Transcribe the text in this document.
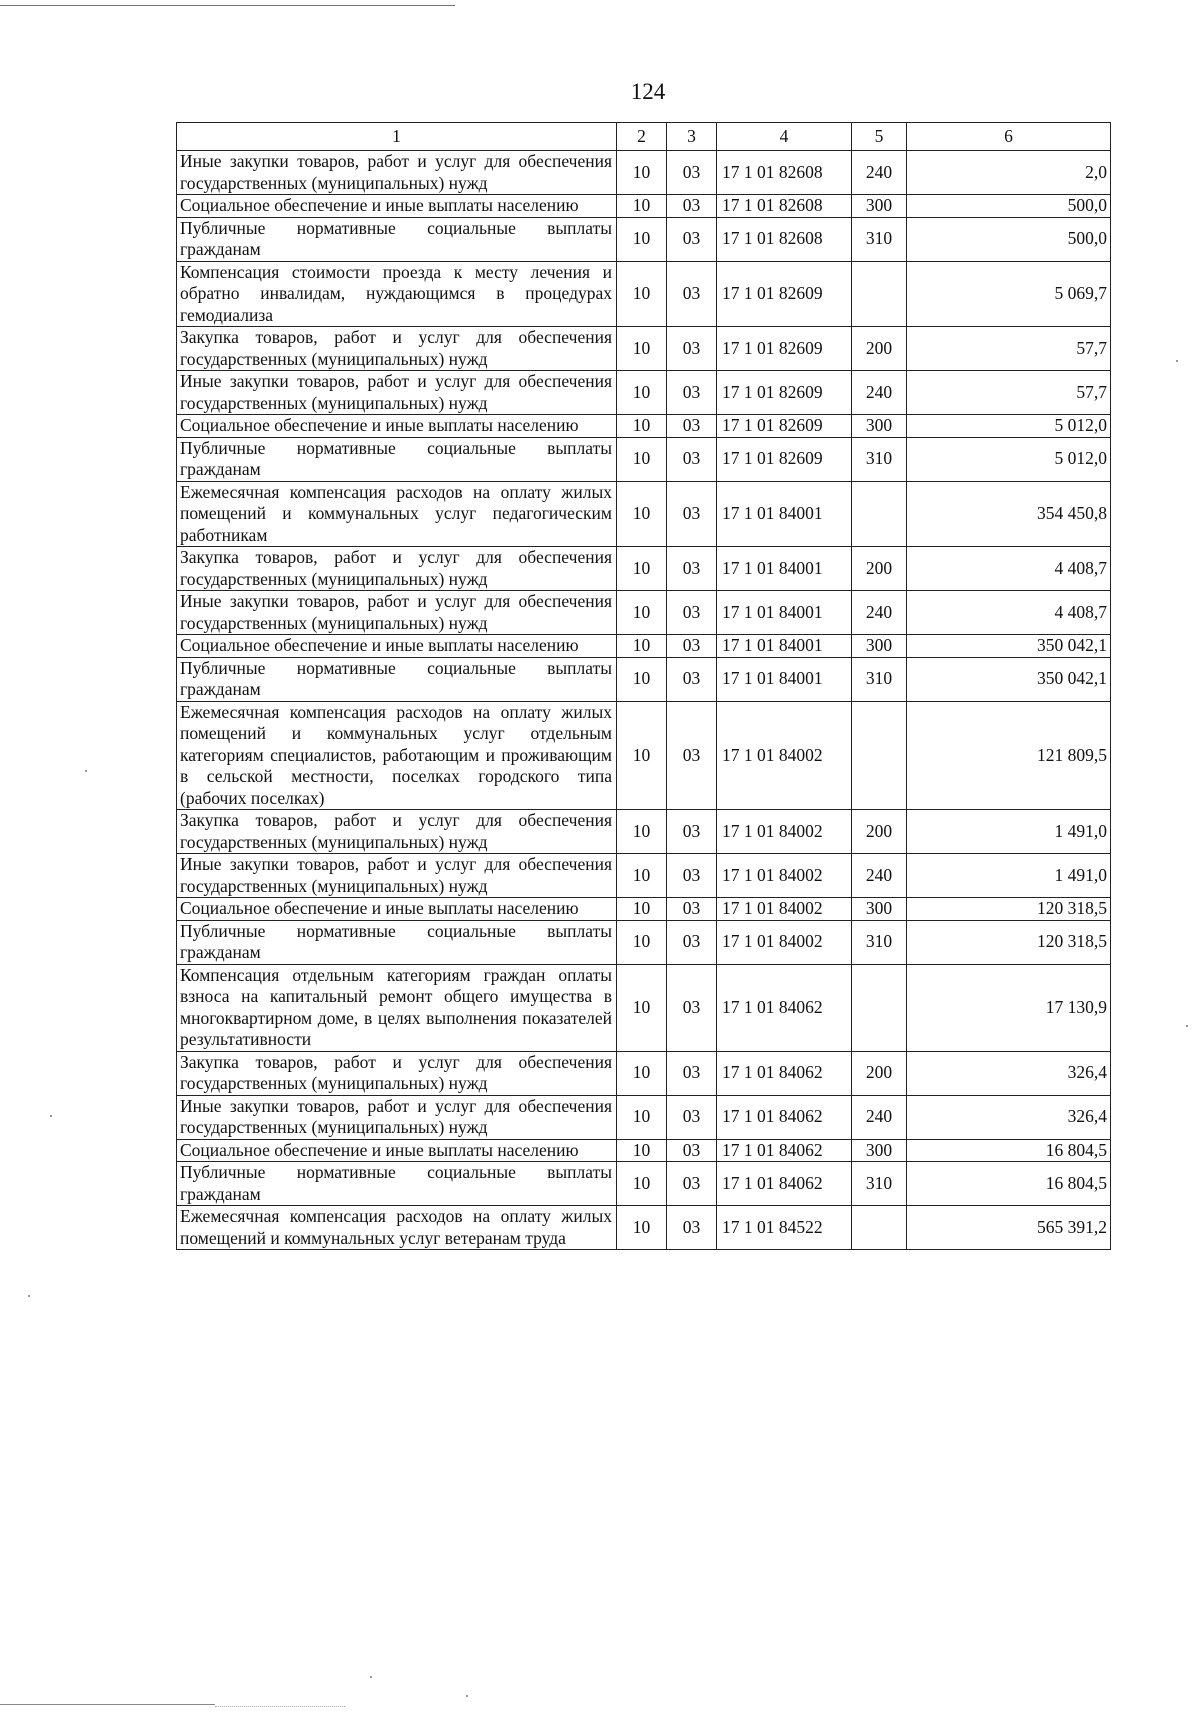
124
1	2	3	4	5	6
Иные закупки товаров, работ и услуг для обеспечения государственных (муниципальных) нужд	10	03	17 1 01 82608	240	2,0
Социальное обеспечение и иные выплаты населению	10	03	17 1 01 82608	300	500,0
Публичные нормативные социальные выплаты гражданам	10	03	17 1 01 82608	310	500,0
Компенсация стоимости проезда к месту лечения и обратно инвалидам, нуждающимся в процедурах гемодиализа	10	03	17 1 01 82609		5 069,7
Закупка товаров, работ и услуг для обеспечения государственных (муниципальных) нужд	10	03	17 1 01 82609	200	57,7
Иные закупки товаров, работ и услуг для обеспечения государственных (муниципальных) нужд	10	03	17 1 01 82609	240	57,7
Социальное обеспечение и иные выплаты населению	10	03	17 1 01 82609	300	5 012,0
Публичные нормативные социальные выплаты гражданам	10	03	17 1 01 82609	310	5 012,0
Ежемесячная компенсация расходов на оплату жилых помещений и коммунальных услуг педагогическим работникам	10	03	17 1 01 84001		354 450,8
Закупка товаров, работ и услуг для обеспечения государственных (муниципальных) нужд	10	03	17 1 01 84001	200	4 408,7
Иные закупки товаров, работ и услуг для обеспечения государственных (муниципальных) нужд	10	03	17 1 01 84001	240	4 408,7
Социальное обеспечение и иные выплаты населению	10	03	17 1 01 84001	300	350 042,1
Публичные нормативные социальные выплаты гражданам	10	03	17 1 01 84001	310	350 042,1
Ежемесячная компенсация расходов на оплату жилых помещений и коммунальных услуг отдельным категориям специалистов, работающим и проживающим в сельской местности, поселках городского типа (рабочих поселках)	10	03	17 1 01 84002		121 809,5
Закупка товаров, работ и услуг для обеспечения государственных (муниципальных) нужд	10	03	17 1 01 84002	200	1 491,0
Иные закупки товаров, работ и услуг для обеспечения государственных (муниципальных) нужд	10	03	17 1 01 84002	240	1 491,0
Социальное обеспечение и иные выплаты населению	10	03	17 1 01 84002	300	120 318,5
Публичные нормативные социальные выплаты гражданам	10	03	17 1 01 84002	310	120 318,5
Компенсация отдельным категориям граждан оплаты взноса на капитальный ремонт общего имущества в многоквартирном доме, в целях выполнения показателей результативности	10	03	17 1 01 84062		17 130,9
Закупка товаров, работ и услуг для обеспечения государственных (муниципальных) нужд	10	03	17 1 01 84062	200	326,4
Иные закупки товаров, работ и услуг для обеспечения государственных (муниципальных) нужд	10	03	17 1 01 84062	240	326,4
Социальное обеспечение и иные выплаты населению	10	03	17 1 01 84062	300	16 804,5
Публичные нормативные социальные выплаты гражданам	10	03	17 1 01 84062	310	16 804,5
Ежемесячная компенсация расходов на оплату жилых помещений и коммунальных услуг ветеранам труда	10	03	17 1 01 84522		565 391,2
